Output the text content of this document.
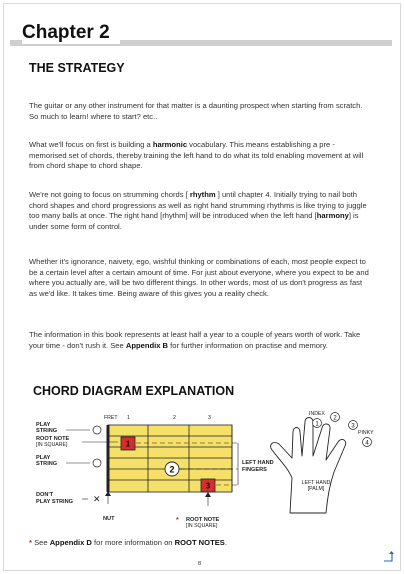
Chapter 2
THE STRATEGY

The guitar or any other instrument for that matter is a daunting prospect when starting from scratch. So much to learn! where to start? etc..

What we'll focus on first is building a harmonic vocabulary. This means establishing a pre - memorised set of chords, thereby training the left hand to do what its told enabling movement at will from chord shape to chord shape.

We're not going to focus on strumming chords [ rhythm ] until chapter 4. Initially trying to nail both chord shapes and chord progressions as well as right hand strumming rhythms is like trying to juggle too many balls at once. The right hand [rhythm] will be introduced when the left hand [harmony] is under some form of control.

Whether it's ignorance, naivety, ego, wishful thinking or combinations of each, most people expect to be a certain level after a certain amount of time. For just about everyone, where you expect to be and where you actually are, will be two different things. In other words, most of us don't progress as fast as we'd like. It takes time. Being aware of this gives you a reality check.

The information in this book represents at least half a year to a couple of years worth of work. Take your time - don't rush it. See Appendix B for further information on practise and memory.

CHORD DIAGRAM EXPLANATION
FRET 1	2	3
PLAY
STRING
ROOT NOTE
[IN SQUARE]
PLAY
STRING
DON'T
PLAY STRING ✕
1
2
3
LEFT HAND
FINGERS
NUT	* ROOT NOTE
[IN SQUARE]
1
2
3
4
INDEX
PINKY
LEFT HAND
[PALM]
* See Appendix D for more information on ROOT NOTES.
8
